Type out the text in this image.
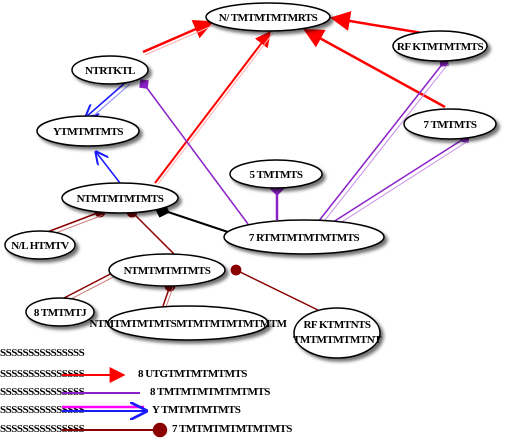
N/ TMTMTMTMRTS
NTRTKTL
YTMTMTMTS
RF KTMTMTMTS
7 TMTMTS
5 TMTMTS
NTMTMTMTMTS
7 RTMTMTMTMTMTS
N/L HTMTV
NTMTMTMTMTS
8 TMTMTJ
NTMTMTMTMTSMTMTMTMTMTMTM RF KTMTNTS
TMTMTMTMTNT
SSSSSSSSSSSSSSS
SSSSSSSSSSSSSSS	8 UTGTMTMTMTMTS
SSSSSSSSSSSSSSS	8 TMTMTMTMTMTMTS
SSSSSSSSSSSSSSS	Y TMTMTMTMTS
SSSSSSSSSSSSSSS	7 TMTMTMTMTMTMTS
